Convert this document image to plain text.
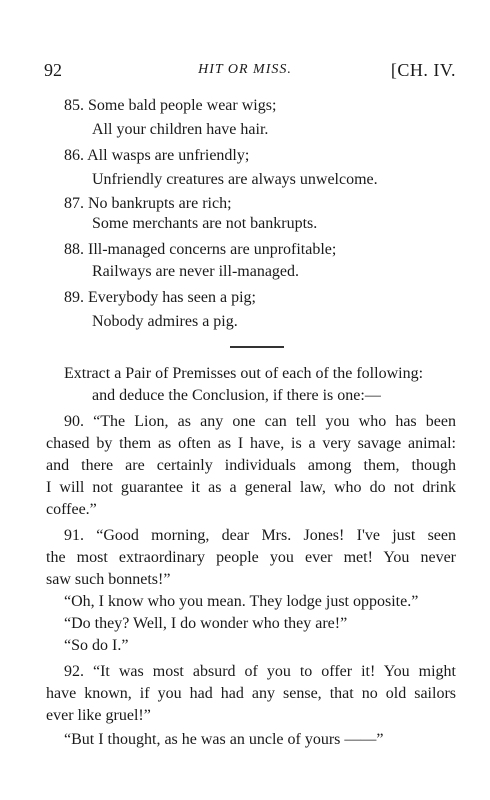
92	HIT OR MISS.	[CH. IV.
85. Some bald people wear wigs;
All your children have hair.
86. All wasps are unfriendly;
Unfriendly creatures are always unwelcome.
87. No bankrupts are rich;
Some merchants are not bankrupts.
88. Ill-managed concerns are unprofitable;
Railways are never ill-managed.
89. Everybody has seen a pig;
Nobody admires a pig.
Extract a Pair of Premisses out of each of the following:
and deduce the Conclusion, if there is one:—
90. “The Lion, as any one can tell you who has been
chased by them as often as I have, is a very savage animal:
and there are certainly individuals among them, though
I will not guarantee it as a general law, who do not drink
coffee.”
91. “Good morning, dear Mrs. Jones! I've just seen
the most extraordinary people you ever met! You never
saw such bonnets!”
“Oh, I know who you mean. They lodge just opposite.”
“Do they? Well, I do wonder who they are!”
“So do I.”
92. “It was most absurd of you to offer it! You might
have known, if you had had any sense, that no old sailors
ever like gruel!”
“But I thought, as he was an uncle of yours ——”
